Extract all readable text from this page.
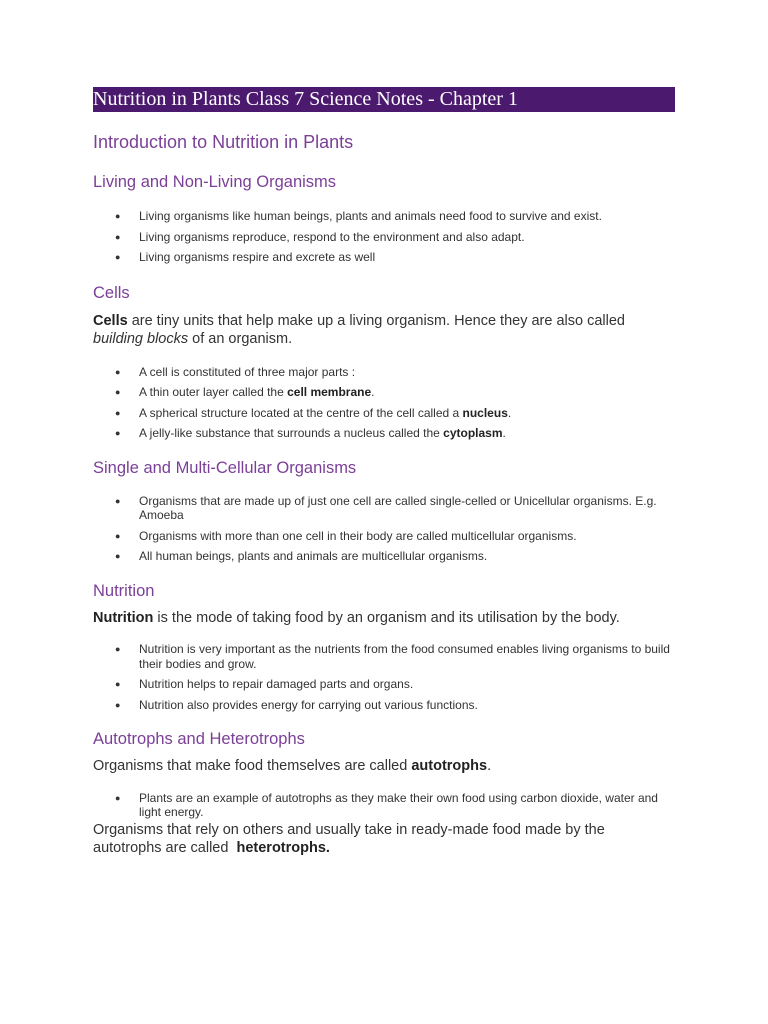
Nutrition in Plants Class 7 Science Notes - Chapter 1
Introduction to Nutrition in Plants
Living and Non-Living Organisms
● Living organisms like human beings, plants and animals need food to survive and exist.
● Living organisms reproduce, respond to the environment and also adapt.
● Living organisms respire and excrete as well
Cells

Cells are tiny units that help make up a living organism. Hence they are also called building blocks of an organism.

● A cell is constituted of three major parts :
● A thin outer layer called the cell membrane.
● A spherical structure located at the centre of the cell called a nucleus.
● A jelly-like substance that surrounds a nucleus called the cytoplasm.
Single and Multi-Cellular Organisms
● Organisms that are made up of just one cell are called single-celled or Unicellular organisms. E.g. Amoeba
● Organisms with more than one cell in their body are called multicellular organisms.
● All human beings, plants and animals are multicellular organisms.
Nutrition

Nutrition is the mode of taking food by an organism and its utilisation by the body.

● Nutrition is very important as the nutrients from the food consumed enables living organisms to build their bodies and grow.
● Nutrition helps to repair damaged parts and organs.
● Nutrition also provides energy for carrying out various functions.
Autotrophs and Heterotrophs

Organisms that make food themselves are called autotrophs.

● Plants are an example of autotrophs as they make their own food using carbon dioxide, water and light energy.

Organisms that rely on others and usually take in ready-made food made by the autotrophs are called  heterotrophs.
